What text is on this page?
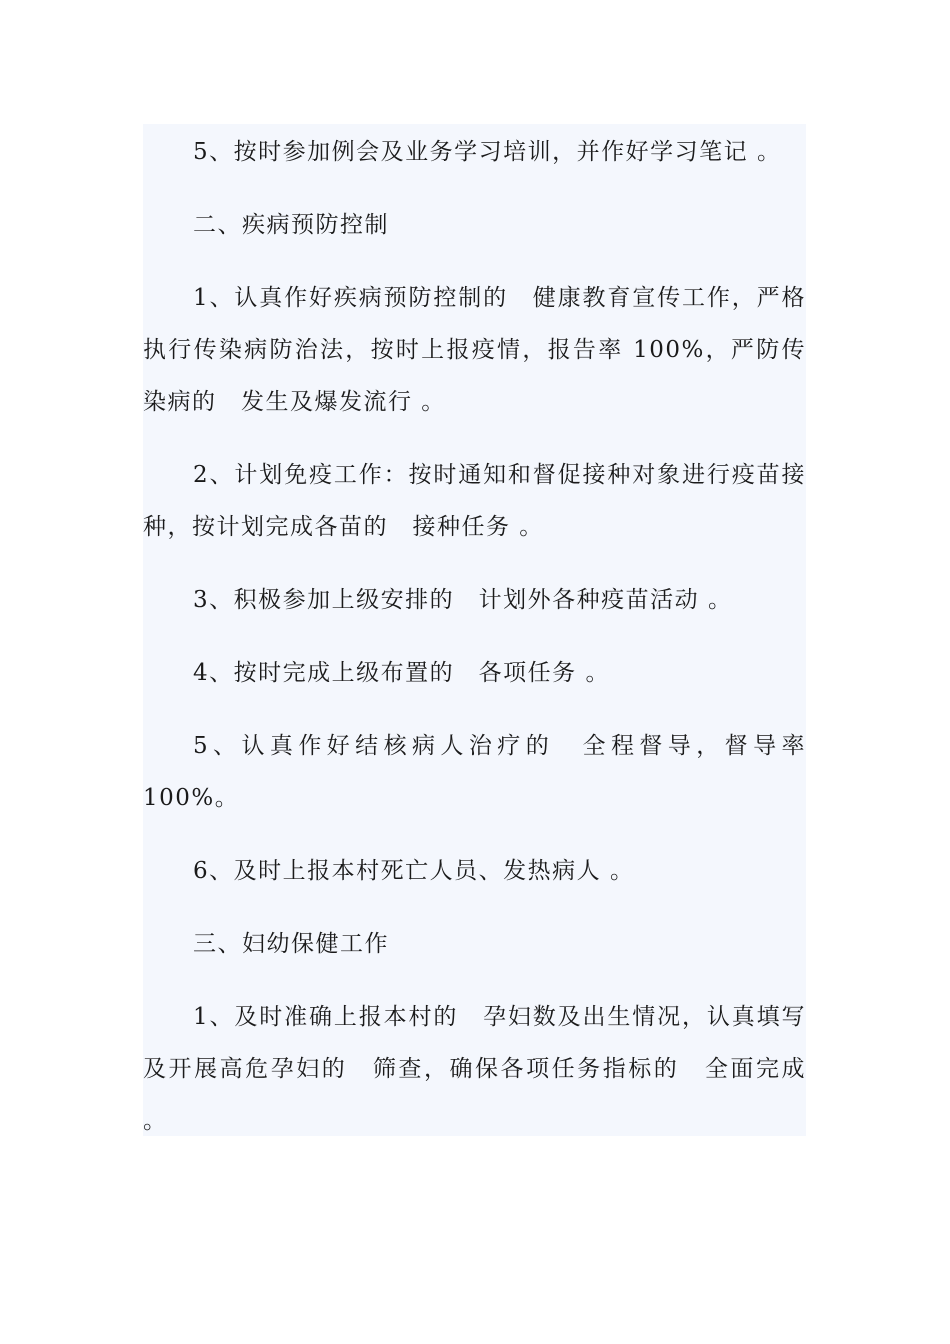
5、按时参加例会及业务学习培训，并作好学习笔记 。

二、疾病预防控制

1、认真作好疾病预防控制的　健康教育宣传工作，严格执行传染病防治法，按时上报疫情，报告率 100%，严防传染病的　发生及爆发流行 。

2、计划免疫工作：按时通知和督促接种对象进行疫苗接种，按计划完成各苗的　接种任务 。

3、积极参加上级安排的　计划外各种疫苗活动 。

4、按时完成上级布置的　各项任务 。

5、认真作好结核病人治疗的　全程督导，督导率 100%。

6、及时上报本村死亡人员、发热病人 。

三、妇幼保健工作

1、及时准确上报本村的　孕妇数及出生情况，认真填写及开展高危孕妇的　筛查，确保各项任务指标的　全面完成 。
